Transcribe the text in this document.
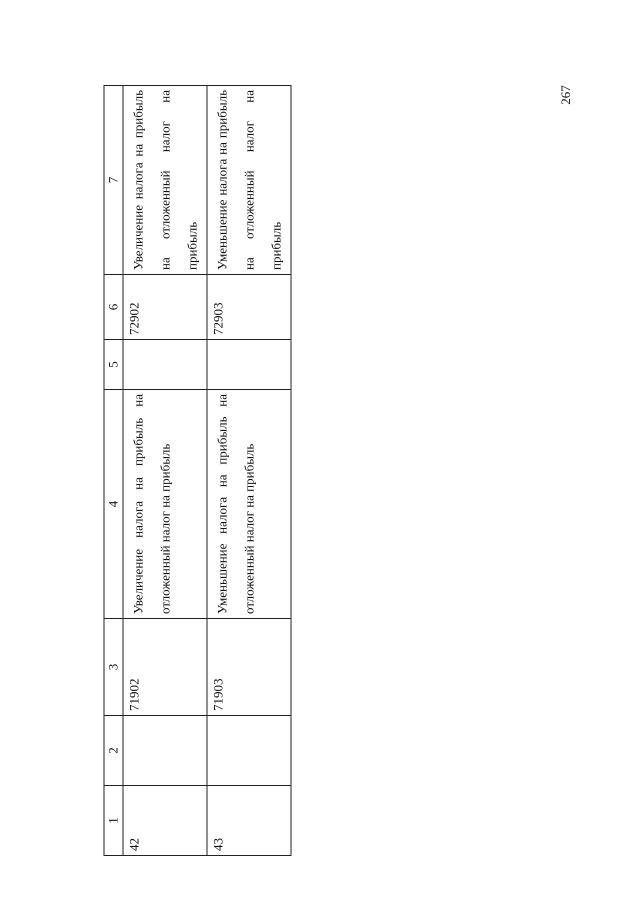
267
1	2	3	4	5	6	7
42		71902	Увеличение налога на прибыль на отложенный налог на прибыль		72902	Увеличение налога на прибыль на отложенный налог на прибыль
43		71903	Уменьшение налога на прибыль на отложенный налог на прибыль		72903	Уменьшение налога на прибыль на отложенный налог на прибыль
